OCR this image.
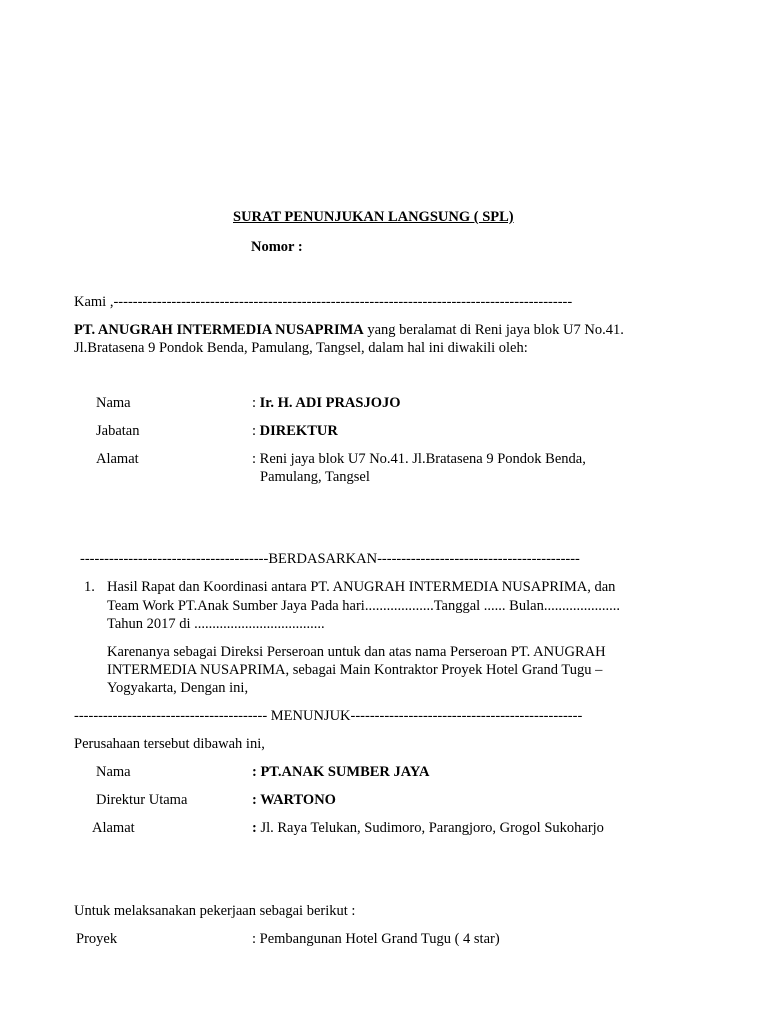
SURAT PENUNJUKAN LANGSUNG ( SPL)
Nomor :
Kami ,-----------------------------------------------------------------------------------------------
PT. ANUGRAH INTERMEDIA NUSAPRIMA yang beralamat di Reni jaya blok U7 No.41.
Jl.Bratasena 9 Pondok Benda, Pamulang, Tangsel, dalam hal ini diwakili oleh:
Nama	: Ir. H. ADI PRASJOJO
Jabatan	: DIREKTUR
Alamat	: Reni jaya blok U7 No.41. Jl.Bratasena 9 Pondok Benda,
Pamulang, Tangsel
---------------------------------------BERDASARKAN------------------------------------------
1. Hasil Rapat dan Koordinasi antara PT. ANUGRAH INTERMEDIA NUSAPRIMA, dan
Team Work PT.Anak Sumber Jaya Pada hari...................Tanggal ...... Bulan.....................
Tahun 2017 di ....................................
Karenanya sebagai Direksi Perseroan untuk dan atas nama Perseroan PT. ANUGRAH
INTERMEDIA NUSAPRIMA, sebagai Main Kontraktor Proyek Hotel Grand Tugu –
Yogyakarta, Dengan ini,
---------------------------------------- MENUNJUK------------------------------------------------
Perusahaan tersebut dibawah ini,
Nama	: PT.ANAK SUMBER JAYA
Direktur Utama	: WARTONO
Alamat	: Jl. Raya Telukan, Sudimoro, Parangjoro, Grogol Sukoharjo
Untuk melaksanakan pekerjaan sebagai berikut :
Proyek	: Pembangunan Hotel Grand Tugu ( 4 star)
